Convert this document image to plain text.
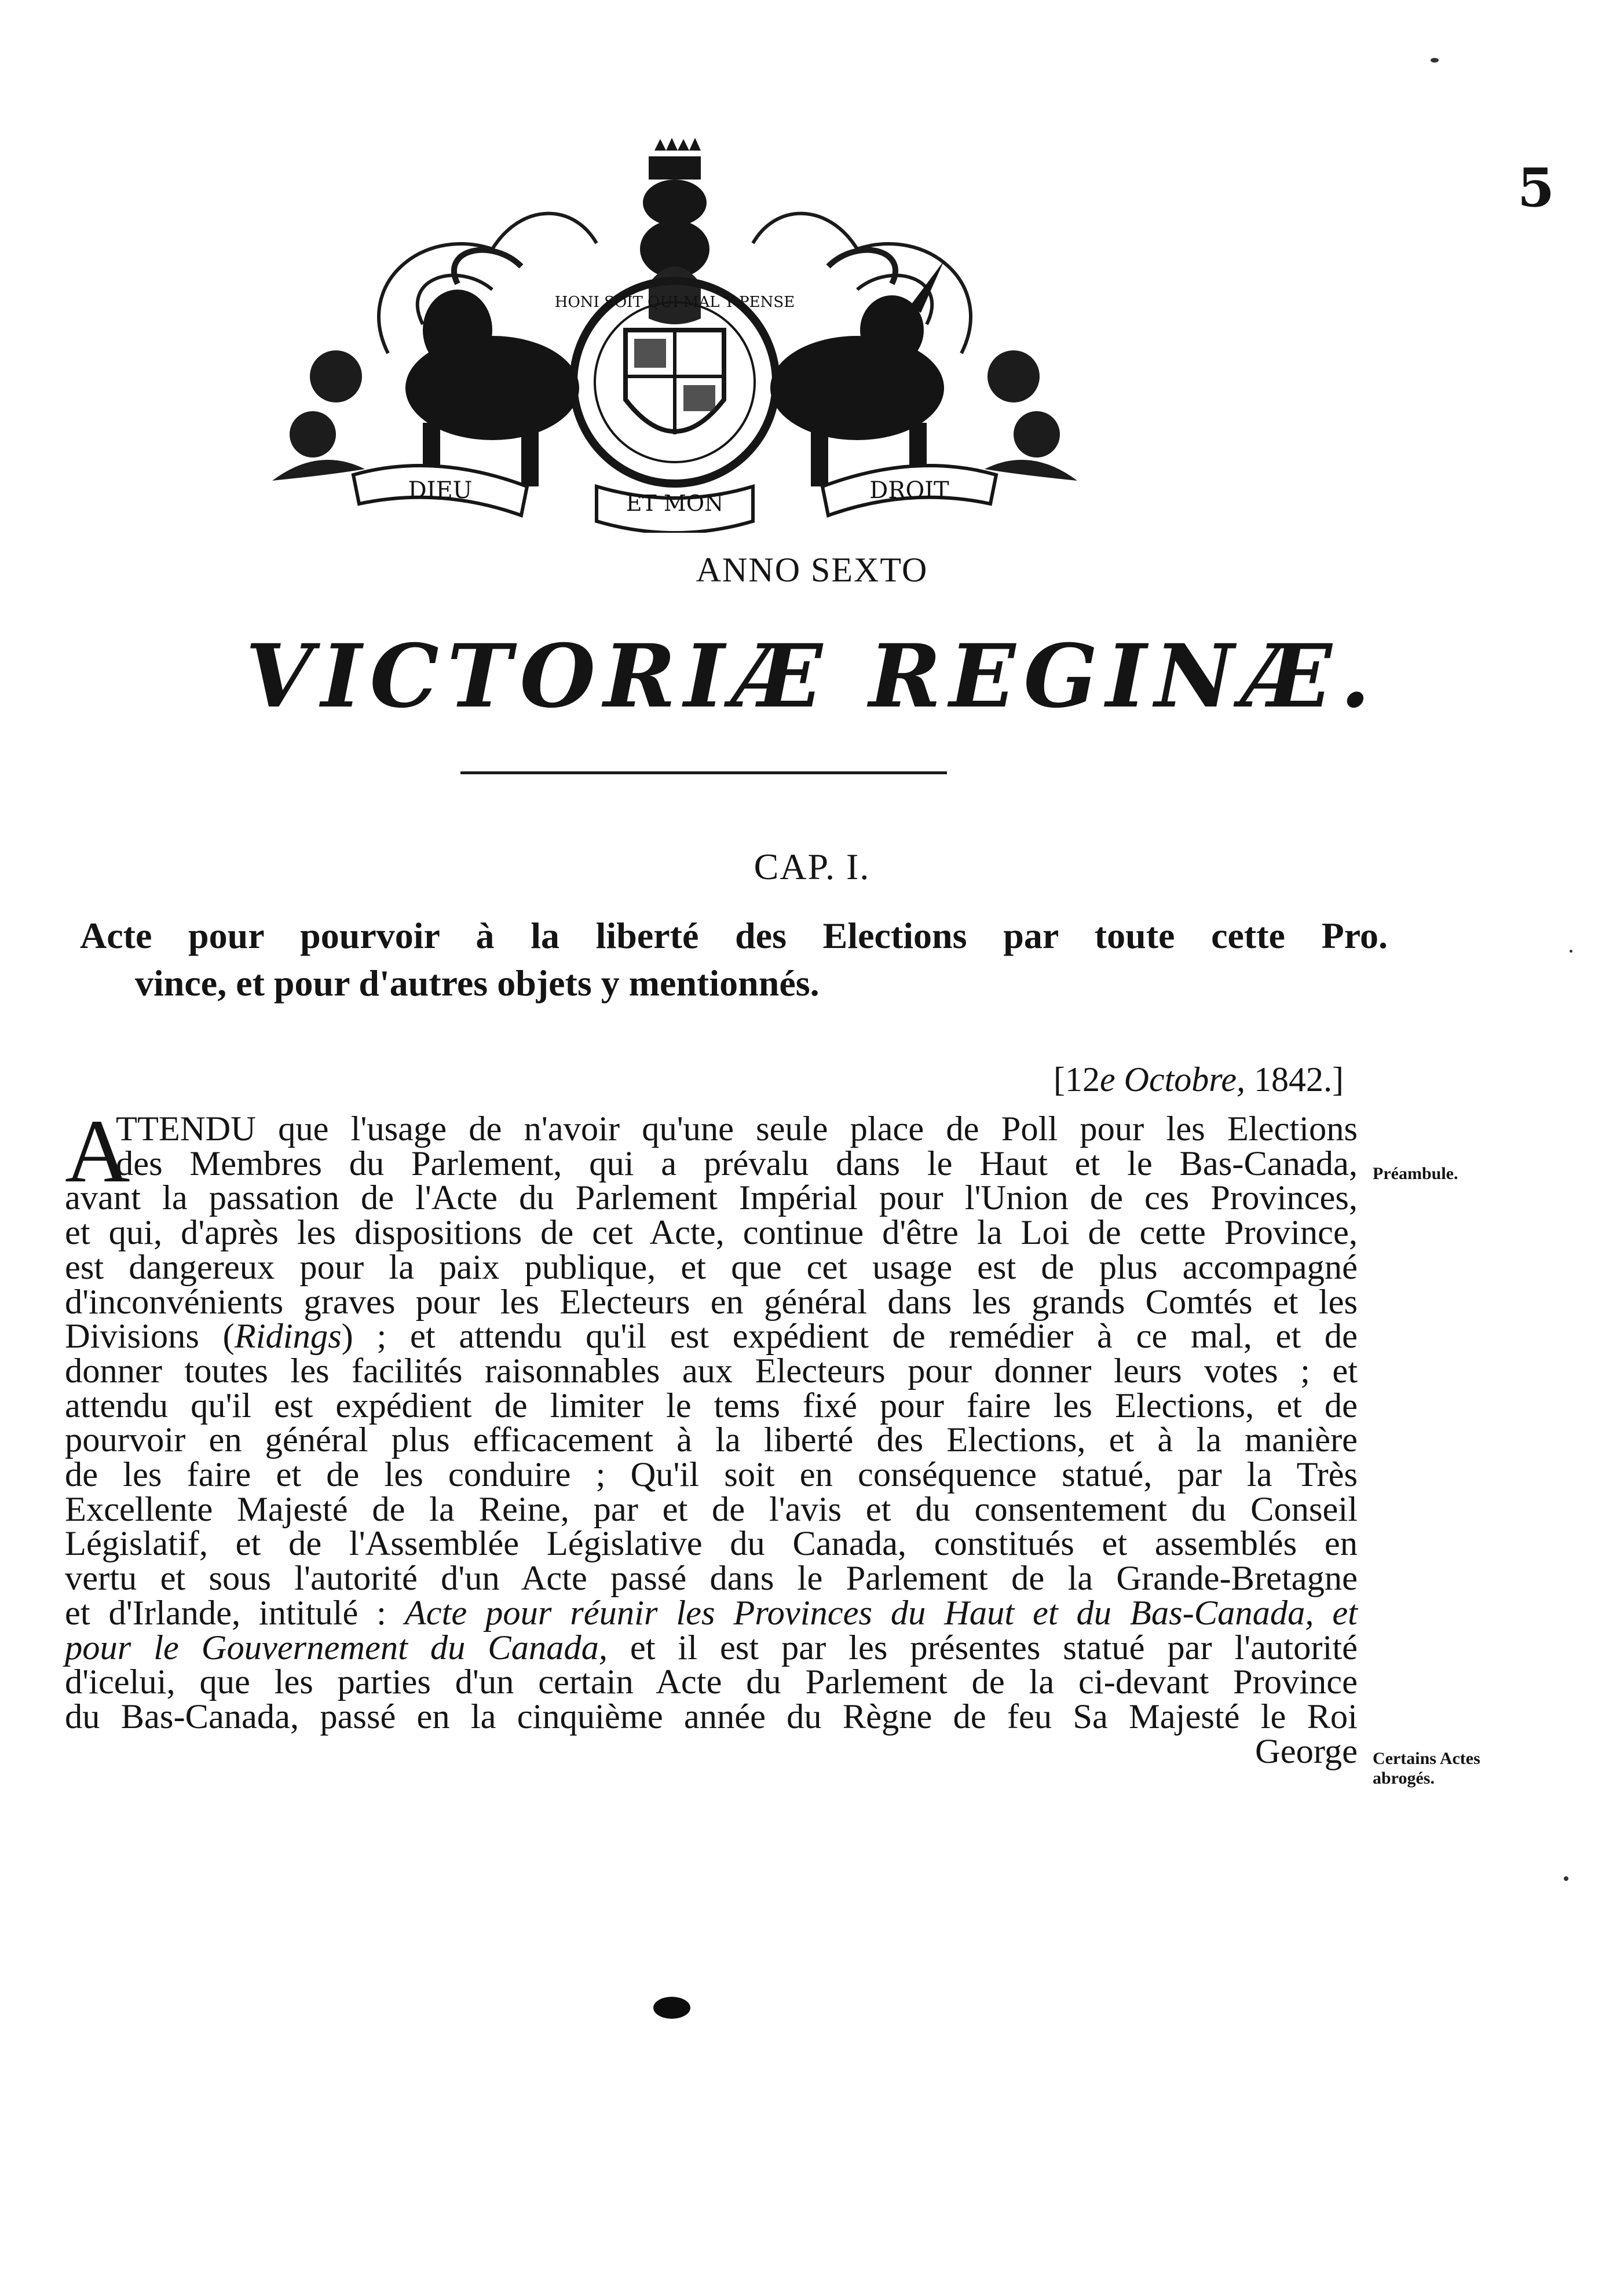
5
HONI SOIT QUI MAL Y PENSE
DIEU	ET MON	DROIT
ANNO SEXTO
VICTORIÆ REGINÆ.
CAP. I.
Acte pour pourvoir à la liberté des Elections par toute cette Pro.
vince, et pour d'autres objets y mentionnés.
[12e Octobre, 1842.]
A
TTENDU que l'usage de n'avoir qu'une seule place de Poll pour les Elections
des Membres du Parlement, qui a prévalu dans le Haut et le Bas-Canada,
avant la passation de l'Acte du Parlement Impérial pour l'Union de ces Provinces,
et qui, d'après les dispositions de cet Acte, continue d'être la Loi de cette Province,
est dangereux pour la paix publique, et que cet usage est de plus accompagné
d'inconvénients graves pour les Electeurs en général dans les grands Comtés et les
Divisions (Ridings) ; et attendu qu'il est expédient de remédier à ce mal, et de
donner toutes les facilités raisonnables aux Electeurs pour donner leurs votes ; et
attendu qu'il est expédient de limiter le tems fixé pour faire les Elections, et de
pourvoir en général plus efficacement à la liberté des Elections, et à la manière
de les faire et de les conduire ; Qu'il soit en conséquence statué, par la Très
Excellente Majesté de la Reine, par et de l'avis et du consentement du Conseil
Législatif, et de l'Assemblée Législative du Canada, constitués et assemblés en
vertu et sous l'autorité d'un Acte passé dans le Parlement de la Grande-Bretagne
et d'Irlande, intitulé : Acte pour réunir les Provinces du Haut et du Bas-Canada, et
pour le Gouvernement du Canada, et il est par les présentes statué par l'autorité
d'icelui, que les parties d'un certain Acte du Parlement de la ci-devant Province
du Bas-Canada, passé en la cinquième année du Règne de feu Sa Majesté le Roi
George
Préambule.
Certains Actes
abrogés.
